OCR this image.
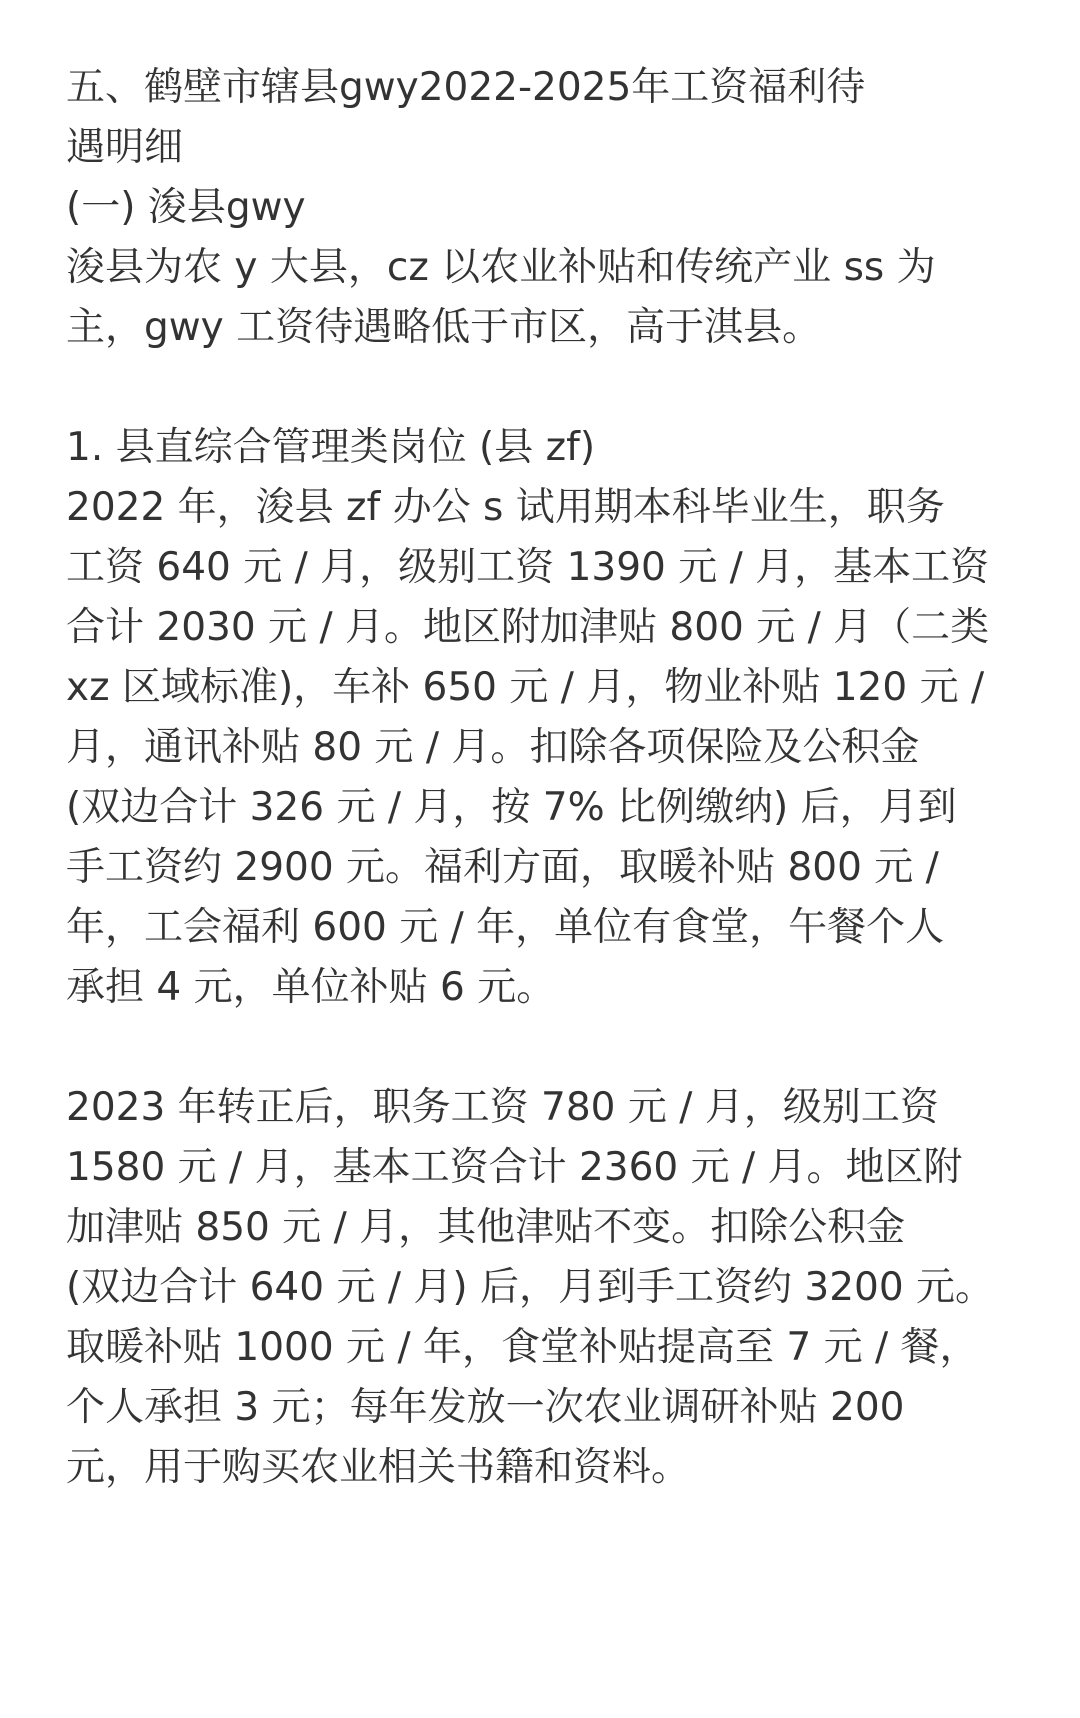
五、鹤壁市辖县gwy2022-2025年工资福利待
遇明细
(一) 浚县gwy
浚县为农 y 大县，cz 以农业补贴和传统产业 ss 为
主，gwy 工资待遇略低于市区，高于淇县。
1. 县直综合管理类岗位 (县 zf)
2022 年，浚县 zf 办公 s 试用期本科毕业生，职务
工资 640 元 / 月，级别工资 1390 元 / 月，基本工资
合计 2030 元 / 月。地区附加津贴 800 元 / 月（二类
xz 区域标准)，车补 650 元 / 月，物业补贴 120 元 /
月，通讯补贴 80 元 / 月。扣除各项保险及公积金
(双边合计 326 元 / 月，按 7% 比例缴纳) 后，月到
手工资约 2900 元。福利方面，取暖补贴 800 元 /
年，工会福利 600 元 / 年，单位有食堂，午餐个人
承担 4 元，单位补贴 6 元。
2023 年转正后，职务工资 780 元 / 月，级别工资
1580 元 / 月，基本工资合计 2360 元 / 月。地区附
加津贴 850 元 / 月，其他津贴不变。扣除公积金
(双边合计 640 元 / 月) 后，月到手工资约 3200 元。
取暖补贴 1000 元 / 年，食堂补贴提高至 7 元 / 餐，
个人承担 3 元；每年发放一次农业调研补贴 200
元，用于购买农业相关书籍和资料。
